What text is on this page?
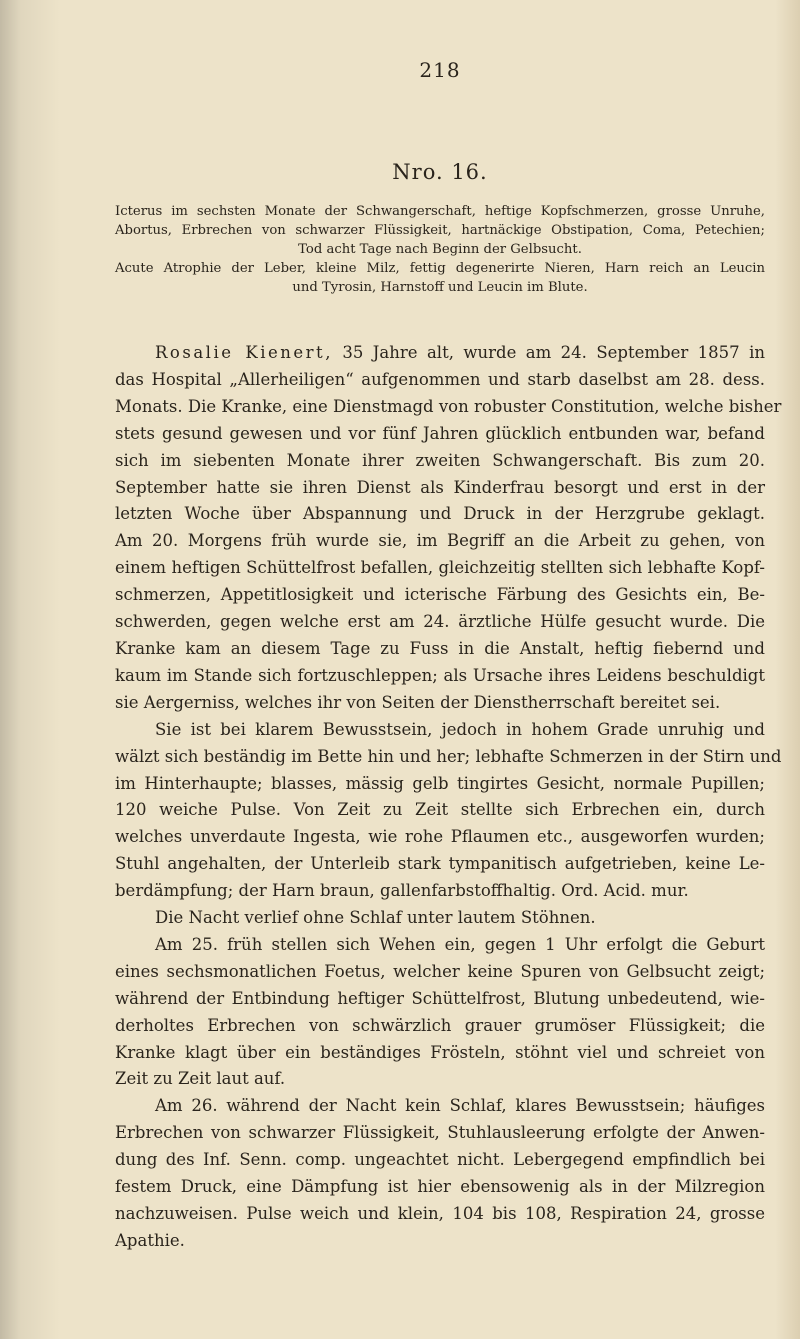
218
Nro. 16.
Icterus im sechsten Monate der Schwangerschaft, heftige Kopfschmerzen, grosse Unruhe,
Abortus, Erbrechen von schwarzer Flüssigkeit, hartnäckige Obstipation, Coma, Petechien;
Tod acht Tage nach Beginn der Gelbsucht.
Acute Atrophie der Leber, kleine Milz, fettig degenerirte Nieren, Harn reich an Leucin
und Tyrosin, Harnstoff und Leucin im Blute.
Rosalie Kienert, 35 Jahre alt, wurde am 24. September 1857 in
das Hospital „Allerheiligen“ aufgenommen und starb daselbst am 28. dess.
Monats. Die Kranke, eine Dienstmagd von robuster Constitution, welche bisher
stets gesund gewesen und vor fünf Jahren glücklich entbunden war, befand
sich im siebenten Monate ihrer zweiten Schwangerschaft. Bis zum 20.
September hatte sie ihren Dienst als Kinderfrau besorgt und erst in der
letzten Woche über Abspannung und Druck in der Herzgrube geklagt.
Am 20. Morgens früh wurde sie, im Begriff an die Arbeit zu gehen, von
einem heftigen Schüttelfrost befallen, gleichzeitig stellten sich lebhafte Kopf-
schmerzen, Appetitlosigkeit und icterische Färbung des Gesichts ein, Be-
schwerden, gegen welche erst am 24. ärztliche Hülfe gesucht wurde. Die
Kranke kam an diesem Tage zu Fuss in die Anstalt, heftig fiebernd und
kaum im Stande sich fortzuschleppen; als Ursache ihres Leidens beschuldigt
sie Aergerniss, welches ihr von Seiten der Dienstherrschaft bereitet sei.
Sie ist bei klarem Bewusstsein, jedoch in hohem Grade unruhig und
wälzt sich beständig im Bette hin und her; lebhafte Schmerzen in der Stirn und
im Hinterhaupte; blasses, mässig gelb tingirtes Gesicht, normale Pupillen;
120 weiche Pulse. Von Zeit zu Zeit stellte sich Erbrechen ein, durch
welches unverdaute Ingesta, wie rohe Pflaumen etc., ausgeworfen wurden;
Stuhl angehalten, der Unterleib stark tympanitisch aufgetrieben, keine Le-
berdämpfung; der Harn braun, gallenfarbstoffhaltig. Ord. Acid. mur.
Die Nacht verlief ohne Schlaf unter lautem Stöhnen.
Am 25. früh stellen sich Wehen ein, gegen 1 Uhr erfolgt die Geburt
eines sechsmonatlichen Foetus, welcher keine Spuren von Gelbsucht zeigt;
während der Entbindung heftiger Schüttelfrost, Blutung unbedeutend, wie-
derholtes Erbrechen von schwärzlich grauer grumöser Flüssigkeit; die
Kranke klagt über ein beständiges Frösteln, stöhnt viel und schreiet von
Zeit zu Zeit laut auf.
Am 26. während der Nacht kein Schlaf, klares Bewusstsein; häufiges
Erbrechen von schwarzer Flüssigkeit, Stuhlausleerung erfolgte der Anwen-
dung des Inf. Senn. comp. ungeachtet nicht. Lebergegend empfindlich bei
festem Druck, eine Dämpfung ist hier ebensowenig als in der Milzregion
nachzuweisen. Pulse weich und klein, 104 bis 108, Respiration 24, grosse
Apathie.
